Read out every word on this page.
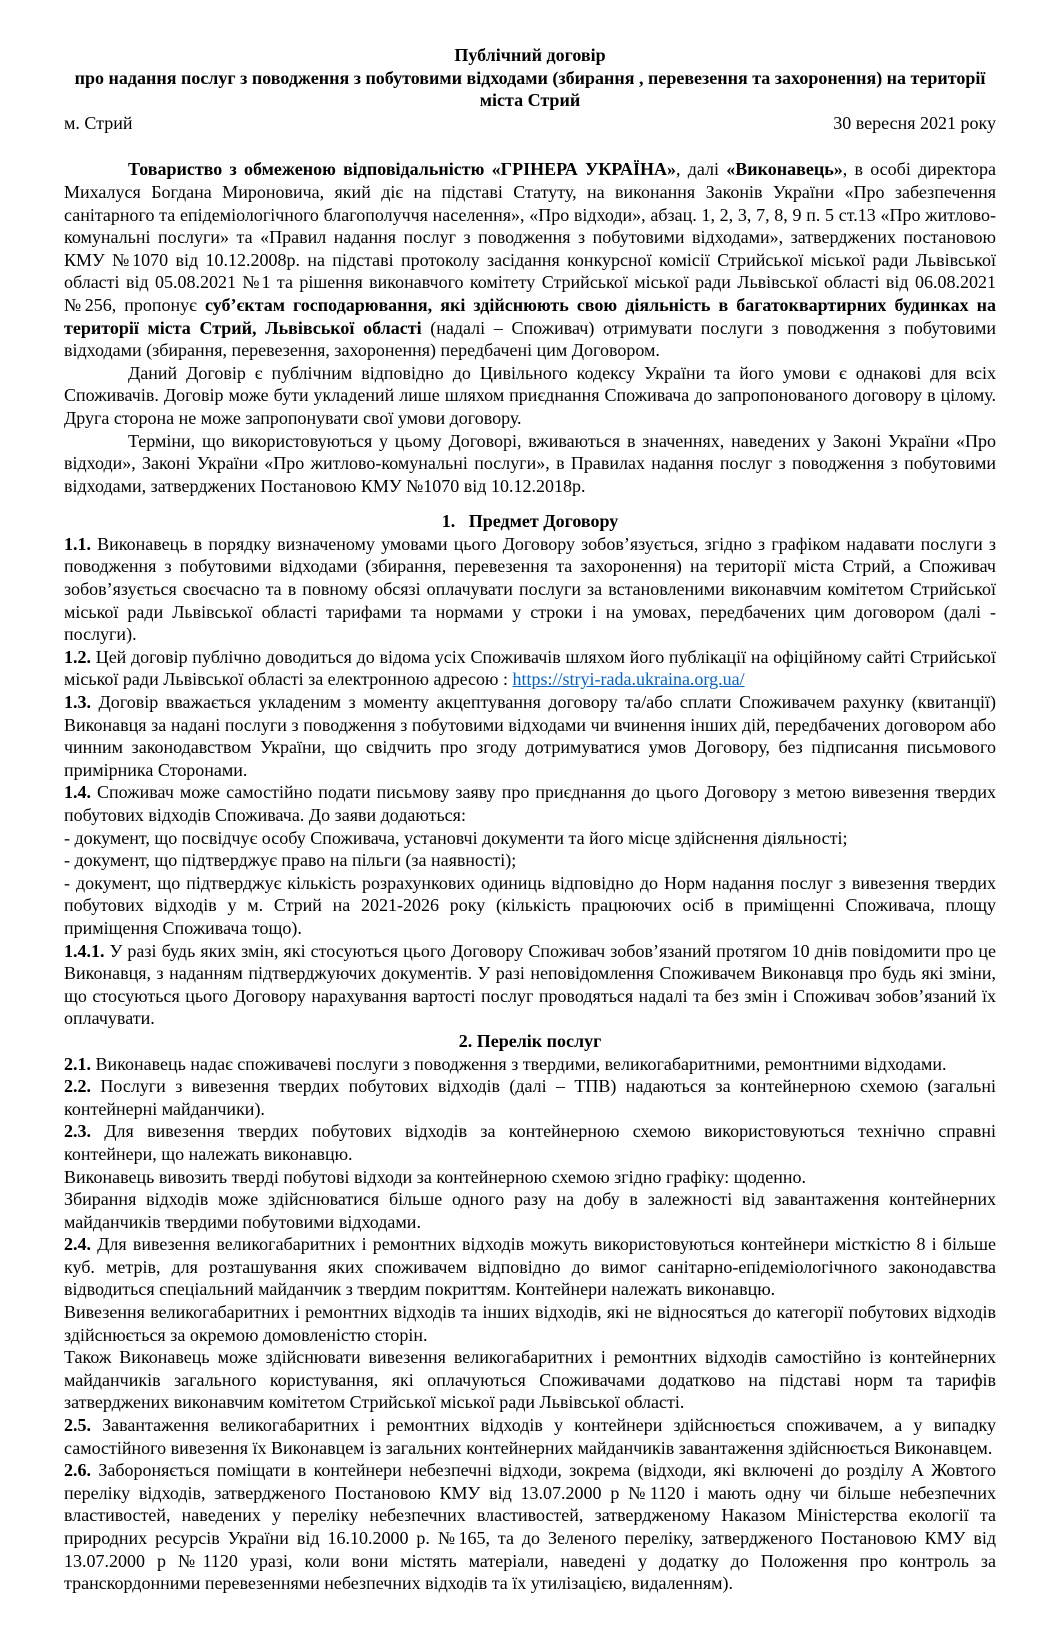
Публічний договір
про надання послуг з поводження з побутовими відходами (збирання , перевезення та захоронення) на території
міста Стрий
м. Стрий	30 вересня 2021 року

Товариство з обмеженою відповідальністю «ГРІНЕРА УКРАЇНА», далі «Виконавець», в особі директора Михалуся Богдана Мироновича, який діє на підставі Статуту, на виконання Законів України «Про забезпечення санітарного та епідеміологічного благополуччя населення», «Про відходи», абзац. 1, 2, 3, 7, 8, 9 п. 5 ст.13 «Про житлово-комунальні послуги» та «Правил надання послуг з поводження з побутовими відходами», затверджених постановою КМУ №1070 від 10.12.2008р. на підставі протоколу засідання конкурсної комісії Стрийської міської ради Львівської області від 05.08.2021 №1 та рішення виконавчого комітету Стрийської міської ради Львівської області від 06.08.2021 №256, пропонує суб’єктам господарювання, які здійснюють свою діяльність в багатоквартирних будинках на території міста Стрий, Львівської області (надалі – Споживач) отримувати послуги з поводження з побутовими відходами (збирання, перевезення, захоронення) передбачені цим Договором.

Даний Договір є публічним відповідно до Цивільного кодексу України та його умови є однакові для всіх Споживачів. Договір може бути укладений лише шляхом приєднання Споживача до запропонованого договору в цілому. Друга сторона не може запропонувати свої умови договору.

Терміни, що використовуються у цьому Договорі, вживаються в значеннях, наведених у Законі України «Про відходи», Законі України «Про житлово-комунальні послуги», в Правилах надання послуг з поводження з побутовими відходами, затверджених Постановою КМУ №1070 від 10.12.2018р.

1.   Предмет Договору

1.1. Виконавець в порядку визначеному умовами цього Договору зобов’язується, згідно з графіком надавати послуги з поводження з побутовими відходами (збирання, перевезення та захоронення) на території міста Стрий, а Споживач зобов’язується своєчасно та в повному обсязі оплачувати послуги за встановленими виконавчим комітетом Стрийської міської ради Львівської області тарифами та нормами у строки і на умовах, передбачених цим договором (далі - послуги).

1.2. Цей договір публічно доводиться до відома усіх Споживачів шляхом його публікації на офіційному сайті Стрийської міської ради Львівської області за електронною адресою : https://stryi-rada.ukraina.org.ua/

1.3. Договір вважається укладеним з моменту акцептування договору та/або сплати Споживачем рахунку (квитанції) Виконавця за надані послуги з поводження з побутовими відходами чи вчинення інших дій, передбачених договором або чинним законодавством України, що свідчить про згоду дотримуватися умов Договору, без підписання письмового примірника Сторонами.

1.4. Споживач може самостійно подати письмову заяву про приєднання до цього Договору з метою вивезення твердих побутових відходів Споживача. До заяви додаються:

- документ, що посвідчує особу Споживача, установчі документи та його місце здійснення діяльності;

- документ, що підтверджує право на пільги (за наявності);

- документ, що підтверджує кількість розрахункових одиниць відповідно до Норм надання послуг з вивезення твердих побутових відходів у м. Стрий на 2021-2026 року (кількість працюючих осіб в приміщенні Споживача, площу приміщення Споживача тощо).

1.4.1. У разі будь яких змін, які стосуються цього Договору Споживач зобов’язаний протягом 10 днів повідомити про це Виконавця, з наданням підтверджуючих документів. У разі неповідомлення Споживачем Виконавця про будь які зміни, що стосуються цього Договору нарахування вартості послуг проводяться надалі та без змін і Споживач зобов’язаний їх оплачувати.

2. Перелік послуг

2.1. Виконавець надає споживачеві послуги з поводження з твердими, великогабаритними, ремонтними відходами.

2.2. Послуги з вивезення твердих побутових відходів (далі – ТПВ) надаються за контейнерною схемою (загальні контейнерні майданчики).

2.3. Для вивезення твердих побутових відходів за контейнерною схемою використовуються технічно справні контейнери, що належать виконавцю.

Виконавець вивозить тверді побутові відходи за контейнерною схемою згідно графіку: щоденно.

Збирання відходів може здійснюватися більше одного разу на добу в залежності від завантаження контейнерних майданчиків твердими побутовими відходами.

2.4. Для вивезення великогабаритних і ремонтних відходів можуть використовуються контейнери місткістю 8 і більше куб. метрів, для розташування яких споживачем відповідно до вимог санітарно-епідеміологічного законодавства відводиться спеціальний майданчик з твердим покриттям. Контейнери належать виконавцю.

Вивезення великогабаритних і ремонтних відходів та інших відходів, які не відносяться до категорії побутових відходів здійснюється за окремою домовленістю сторін.

Також Виконавець може здійснювати вивезення великогабаритних і ремонтних відходів самостійно із контейнерних майданчиків загального користування, які оплачуються Споживачами додатково на підставі норм та тарифів затверджених виконавчим комітетом Стрийської міської ради Львівської області.

2.5. Завантаження великогабаритних і ремонтних відходів у контейнери здійснюється споживачем, а у випадку самостійного вивезення їх Виконавцем із загальних контейнерних майданчиків завантаження здійснюється Виконавцем.

2.6. Забороняється поміщати в контейнери небезпечні відходи, зокрема (відходи, які включені до розділу А Жовтого переліку відходів, затвердженого Постановою КМУ від 13.07.2000 р №1120 і мають одну чи більше небезпечних властивостей, наведених у переліку небезпечних властивостей, затвердженому Наказом Міністерства екології та природних ресурсів України від 16.10.2000 р. №165, та до Зеленого переліку, затвердженого Постановою КМУ від 13.07.2000 р №1120 уразі, коли вони містять матеріали, наведені у додатку до Положення про контроль за транскордонними перевезеннями небезпечних відходів та їх утилізацією, видаленням).
